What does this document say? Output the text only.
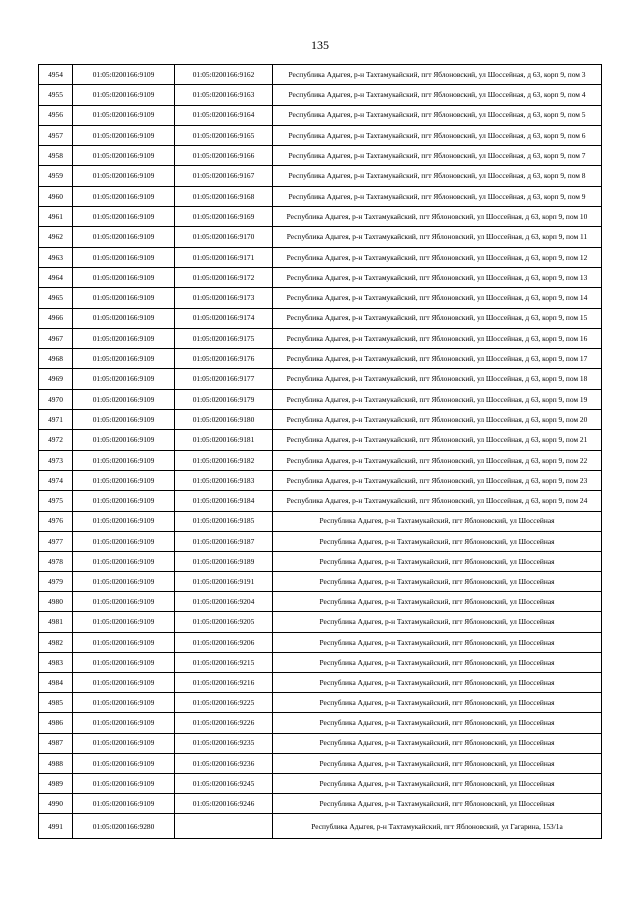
135
4954	01:05:0200166:9109	01:05:0200166:9162	Республика Адыгея, р-н Тахтамукайский, пгт Яблоновский, ул Шоссейная, д 63, корп 9, пом 3
4955	01:05:0200166:9109	01:05:0200166:9163	Республика Адыгея, р-н Тахтамукайский, пгт Яблоновский, ул Шоссейная, д 63, корп 9, пом 4
4956	01:05:0200166:9109	01:05:0200166:9164	Республика Адыгея, р-н Тахтамукайский, пгт Яблоновский, ул Шоссейная, д 63, корп 9, пом 5
4957	01:05:0200166:9109	01:05:0200166:9165	Республика Адыгея, р-н Тахтамукайский, пгт Яблоновский, ул Шоссейная, д 63, корп 9, пом 6
4958	01:05:0200166:9109	01:05:0200166:9166	Республика Адыгея, р-н Тахтамукайский, пгт Яблоновский, ул Шоссейная, д 63, корп 9, пом 7
4959	01:05:0200166:9109	01:05:0200166:9167	Республика Адыгея, р-н Тахтамукайский, пгт Яблоновский, ул Шоссейная, д 63, корп 9, пом 8
4960	01:05:0200166:9109	01:05:0200166:9168	Республика Адыгея, р-н Тахтамукайский, пгт Яблоновский, ул Шоссейная, д 63, корп 9, пом 9
4961	01:05:0200166:9109	01:05:0200166:9169	Республика Адыгея, р-н Тахтамукайский, пгт Яблоновский, ул Шоссейная, д 63, корп 9, пом 10
4962	01:05:0200166:9109	01:05:0200166:9170	Республика Адыгея, р-н Тахтамукайский, пгт Яблоновский, ул Шоссейная, д 63, корп 9, пом 11
4963	01:05:0200166:9109	01:05:0200166:9171	Республика Адыгея, р-н Тахтамукайский, пгт Яблоновский, ул Шоссейная, д 63, корп 9, пом 12
4964	01:05:0200166:9109	01:05:0200166:9172	Республика Адыгея, р-н Тахтамукайский, пгт Яблоновский, ул Шоссейная, д 63, корп 9, пом 13
4965	01:05:0200166:9109	01:05:0200166:9173	Республика Адыгея, р-н Тахтамукайский, пгт Яблоновский, ул Шоссейная, д 63, корп 9, пом 14
4966	01:05:0200166:9109	01:05:0200166:9174	Республика Адыгея, р-н Тахтамукайский, пгт Яблоновский, ул Шоссейная, д 63, корп 9, пом 15
4967	01:05:0200166:9109	01:05:0200166:9175	Республика Адыгея, р-н Тахтамукайский, пгт Яблоновский, ул Шоссейная, д 63, корп 9, пом 16
4968	01:05:0200166:9109	01:05:0200166:9176	Республика Адыгея, р-н Тахтамукайский, пгт Яблоновский, ул Шоссейная, д 63, корп 9, пом 17
4969	01:05:0200166:9109	01:05:0200166:9177	Республика Адыгея, р-н Тахтамукайский, пгт Яблоновский, ул Шоссейная, д 63, корп 9, пом 18
4970	01:05:0200166:9109	01:05:0200166:9179	Республика Адыгея, р-н Тахтамукайский, пгт Яблоновский, ул Шоссейная, д 63, корп 9, пом 19
4971	01:05:0200166:9109	01:05:0200166:9180	Республика Адыгея, р-н Тахтамукайский, пгт Яблоновский, ул Шоссейная, д 63, корп 9, пом 20
4972	01:05:0200166:9109	01:05:0200166:9181	Республика Адыгея, р-н Тахтамукайский, пгт Яблоновский, ул Шоссейная, д 63, корп 9, пом 21
4973	01:05:0200166:9109	01:05:0200166:9182	Республика Адыгея, р-н Тахтамукайский, пгт Яблоновский, ул Шоссейная, д 63, корп 9, пом 22
4974	01:05:0200166:9109	01:05:0200166:9183	Республика Адыгея, р-н Тахтамукайский, пгт Яблоновский, ул Шоссейная, д 63, корп 9, пом 23
4975	01:05:0200166:9109	01:05:0200166:9184	Республика Адыгея, р-н Тахтамукайский, пгт Яблоновский, ул Шоссейная, д 63, корп 9, пом 24
4976	01:05:0200166:9109	01:05:0200166:9185	Республика Адыгея, р-н Тахтамукайский, пгт Яблоновский, ул Шоссейная
4977	01:05:0200166:9109	01:05:0200166:9187	Республика Адыгея, р-н Тахтамукайский, пгт Яблоновский, ул Шоссейная
4978	01:05:0200166:9109	01:05:0200166:9189	Республика Адыгея, р-н Тахтамукайский, пгт Яблоновский, ул Шоссейная
4979	01:05:0200166:9109	01:05:0200166:9191	Республика Адыгея, р-н Тахтамукайский, пгт Яблоновский, ул Шоссейная
4980	01:05:0200166:9109	01:05:0200166:9204	Республика Адыгея, р-н Тахтамукайский, пгт Яблоновский, ул Шоссейная
4981	01:05:0200166:9109	01:05:0200166:9205	Республика Адыгея, р-н Тахтамукайский, пгт Яблоновский, ул Шоссейная
4982	01:05:0200166:9109	01:05:0200166:9206	Республика Адыгея, р-н Тахтамукайский, пгт Яблоновский, ул Шоссейная
4983	01:05:0200166:9109	01:05:0200166:9215	Республика Адыгея, р-н Тахтамукайский, пгт Яблоновский, ул Шоссейная
4984	01:05:0200166:9109	01:05:0200166:9216	Республика Адыгея, р-н Тахтамукайский, пгт Яблоновский, ул Шоссейная
4985	01:05:0200166:9109	01:05:0200166:9225	Республика Адыгея, р-н Тахтамукайский, пгт Яблоновский, ул Шоссейная
4986	01:05:0200166:9109	01:05:0200166:9226	Республика Адыгея, р-н Тахтамукайский, пгт Яблоновский, ул Шоссейная
4987	01:05:0200166:9109	01:05:0200166:9235	Республика Адыгея, р-н Тахтамукайский, пгт Яблоновский, ул Шоссейная
4988	01:05:0200166:9109	01:05:0200166:9236	Республика Адыгея, р-н Тахтамукайский, пгт Яблоновский, ул Шоссейная
4989	01:05:0200166:9109	01:05:0200166:9245	Республика Адыгея, р-н Тахтамукайский, пгт Яблоновский, ул Шоссейная
4990	01:05:0200166:9109	01:05:0200166:9246	Республика Адыгея, р-н Тахтамукайский, пгт Яблоновский, ул Шоссейная
4991	01:05:0200166:9280		Республика Адыгея, р-н Тахтамукайский, пгт Яблоновский, ул Гагарина, 153/1а
